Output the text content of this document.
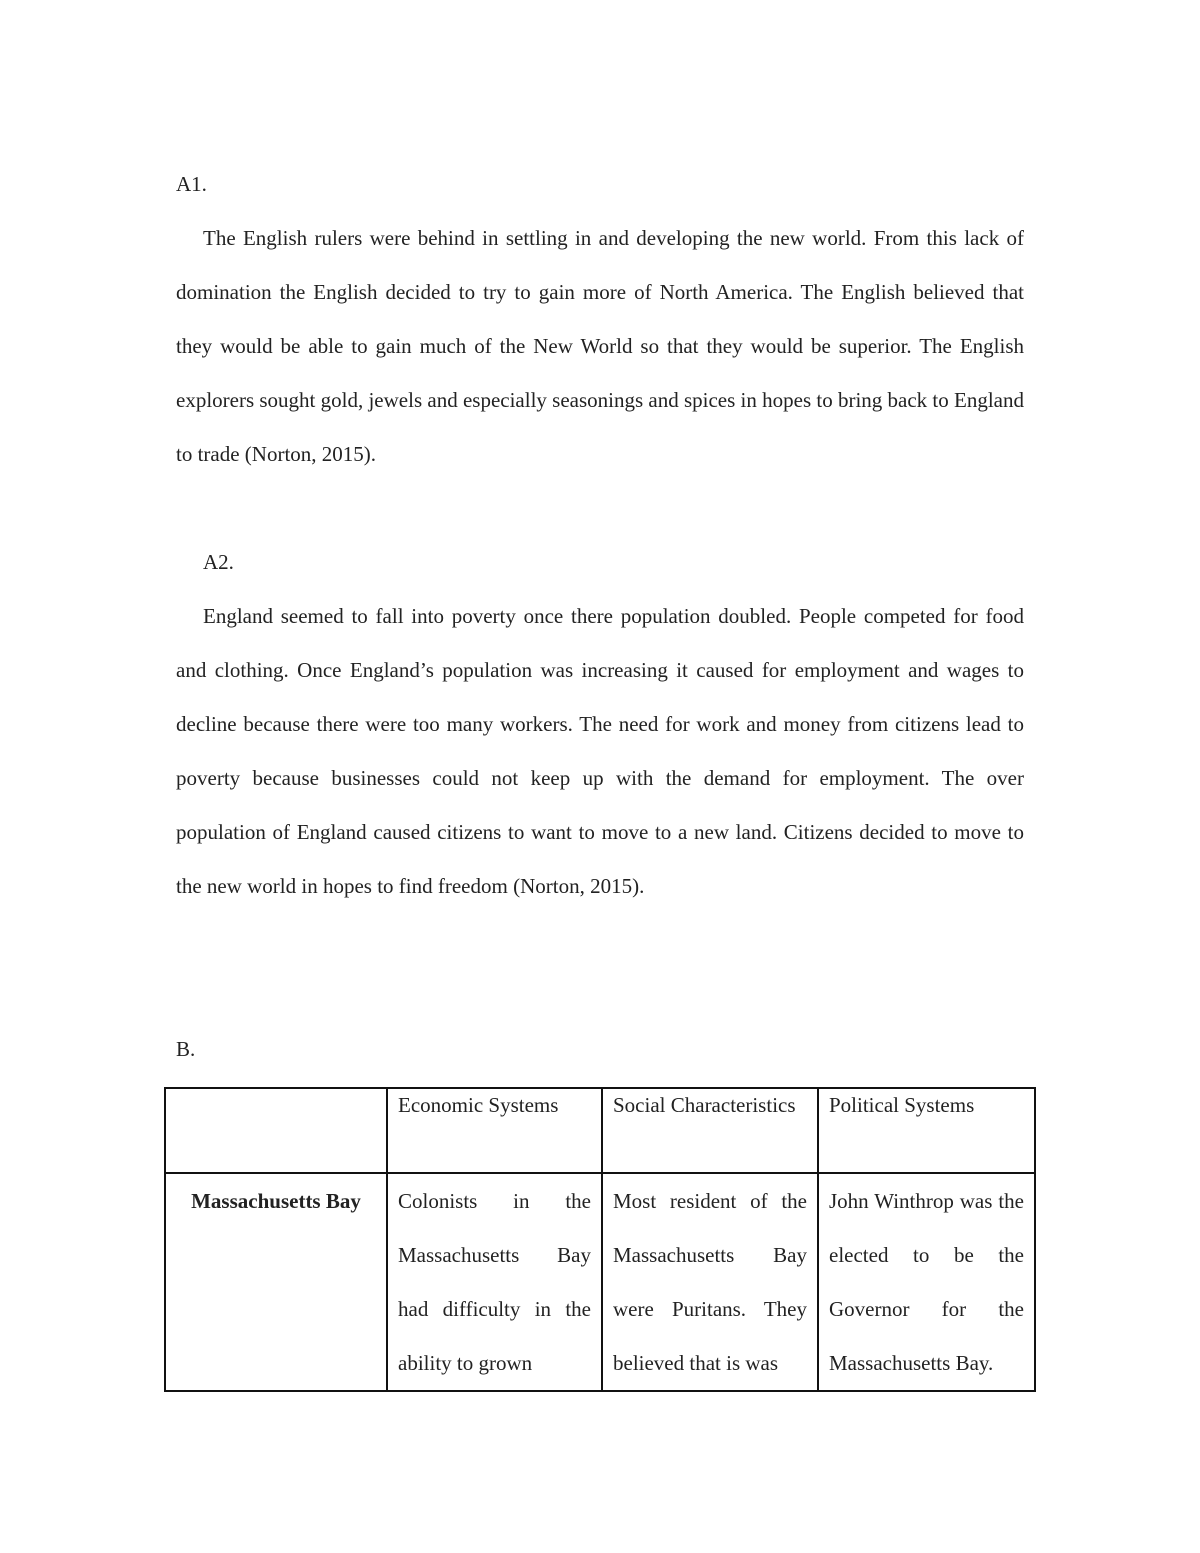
A1.

The English rulers were behind in settling in and developing the new world. From this lack of domination the English decided to try to gain more of North America. The English believed that they would be able to gain much of the New World so that they would be superior. The English explorers sought gold, jewels and especially seasonings and spices in hopes to bring back to England to trade (Norton, 2015).

A2.

England seemed to fall into poverty once there population doubled. People competed for food and clothing. Once England’s population was increasing it caused for employment and wages to decline because there were too many workers. The need for work and money from citizens lead to poverty because businesses could not keep up with the demand for employment. The over population of England caused citizens to want to move to a new land. Citizens decided to move to the new world in hopes to find freedom (Norton, 2015).

B.

	Economic Systems	Social Characteristics	Political Systems

Massachusetts Bay	Colonists in the Massachusetts Bay had difficulty in the ability to grown	Most resident of the Massachusetts Bay were Puritans. They believed that is was	John Winthrop was the elected to be the Governor for the Massachusetts Bay.
